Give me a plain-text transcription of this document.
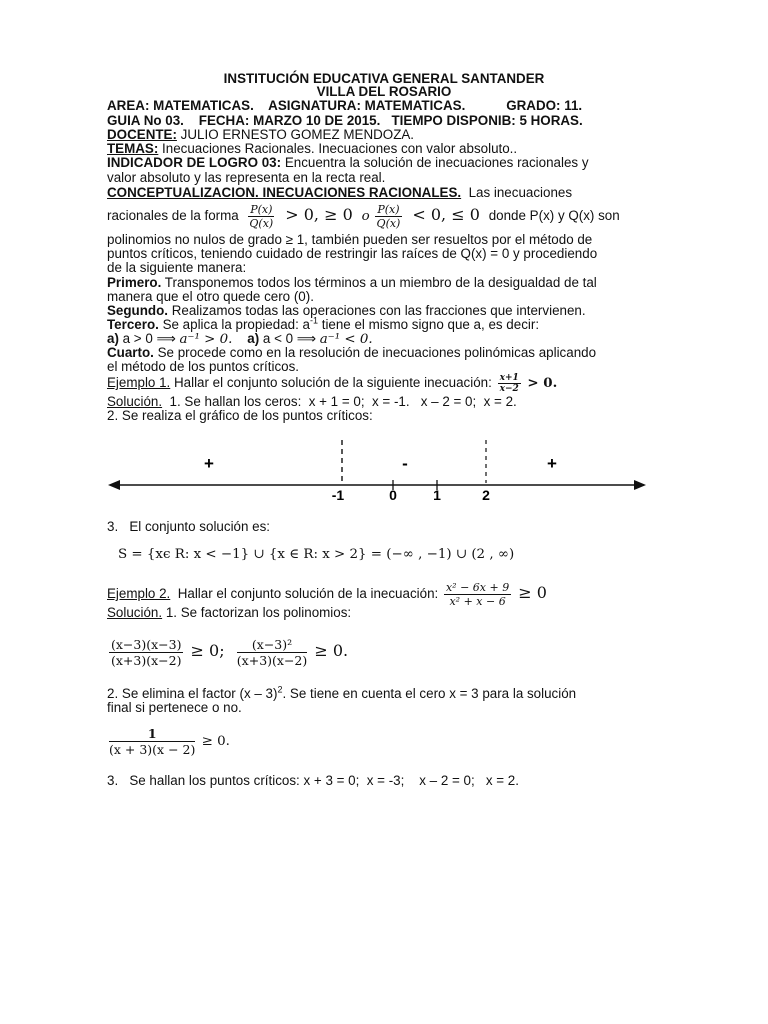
INSTITUCIÓN EDUCATIVA GENERAL SANTANDER
VILLA DEL ROSARIO
AREA: MATEMATICAS.    ASIGNATURA: MATEMATICAS.           GRADO: 11.
GUIA No 03.    FECHA: MARZO 10 DE 2015.   TIEMPO DISPONIB: 5 HORAS.
DOCENTE: JULIO ERNESTO GOMEZ MENDOZA.
TEMAS: Inecuaciones Racionales. Inecuaciones con valor absoluto..
INDICADOR DE LOGRO 03: Encuentra la solución de inecuaciones racionales y
valor absoluto y las representa en la recta real.
CONCEPTUALIZACION. INECUACIONES RACIONALES.  Las inecuaciones
racionales de la forma $\frac{P(x)}{Q(x)} > 0$, ≥ 0  o $\frac{P(x)}{Q(x)} < 0$, ≤ 0  donde P(x) y Q(x) son
polinomios no nulos de grado ≥ 1, también pueden ser resueltos por el método de
puntos críticos, teniendo cuidado de restringir las raíces de Q(x) = 0 y procediendo
de la siguiente manera:
Primero. Transponemos todos los términos a un miembro de la desigualdad de tal
manera que el otro quede cero (0).
Segundo. Realizamos todas las operaciones con las fracciones que intervienen.
Tercero. Se aplica la propiedad: $a^{-1}$ tiene el mismo signo que a, es decir:
a) a > 0 ⟹ a⁻¹ > 0. a) a < 0 ⟹ a⁻¹ < 0.
Cuarto. Se procede como en la resolución de inecuaciones polinómicas aplicando
el método de los puntos críticos.
Ejemplo 1. Hallar el conjunto solución de la siguiente inecuación: $\frac{x+1}{x-2} > 0$.
Solución.  1. Se hallan los ceros:  x + 1 = 0;  x = -1.   x – 2 = 0;  x = 2.
2. Se realiza el gráfico de los puntos críticos:
+	-	+
-1	0	1	2
3.   El conjunto solución es:
S = {xϵ R: x < −1} ∪ {x ∈ R: x > 2} = (−∞ , −1) ∪ (2 , ∞)
Ejemplo 2.  Hallar el conjunto solución de la inecuación: $\frac{\text{x² − 6x + 9}}{\text{x² + x − 6}} \ge 0$
Solución. 1. Se factorizan los polinomios:
$\frac{(x-3)(x-3)}{(x+3)(x-2)} \ge 0$; $\frac{\text{(x−3)²}}{(x+3)(x-2)} \ge 0$.
2. Se elimina el factor (x – 3)$^2$. Se tiene en cuenta el cero x = 3 para la solución
final si pertenece o no.
$\frac{1}{(x + 3)(x - 2)} \ge 0$.
3.   Se hallan los puntos críticos: x + 3 = 0;  x = -3;    x – 2 = 0;   x = 2.
